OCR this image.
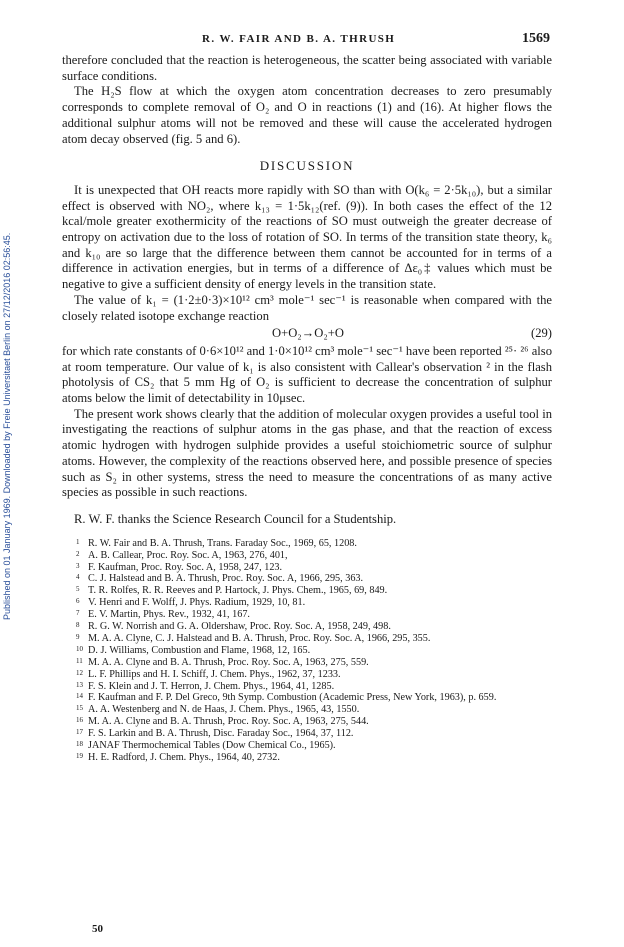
Published on 01 January 1969. Downloaded by Freie Universitaet Berlin on 27/12/2016 02:56:45.
R. W. FAIR AND B. A. THRUSH	1569

therefore concluded that the reaction is heterogeneous, the scatter being associated with variable surface conditions.

The H₂S flow at which the oxygen atom concentration decreases to zero presumably corresponds to complete removal of O₂ and O in reactions (1) and (16). At higher flows the additional sulphur atoms will not be removed and these will cause the accelerated hydrogen atom decay observed (fig. 5 and 6).

DISCUSSION

It is unexpected that OH reacts more rapidly with SO than with O(k₆ = 2·5k₁₀), but a similar effect is observed with NO₂, where k₁₃ = 1·5k₁₂(ref. (9)). In both cases the effect of the 12 kcal/mole greater exothermicity of the reactions of SO must outweigh the greater decrease of entropy on activation due to the loss of rotation of SO. In terms of the transition state theory, k₆ and k₁₀ are so large that the difference between them cannot be accounted for in terms of a difference in activation energies, but in terms of a difference of Δε₀‡ values which must be negative to give a sufficient density of energy levels in the transition state.

The value of k₁ = (1·2±0·3)×10¹² cm³ mole⁻¹ sec⁻¹ is reasonable when compared with the closely related isotope exchange reaction

O+O₂→O₂+O	(29)

for which rate constants of 0·6×10¹² and 1·0×10¹² cm³ mole⁻¹ sec⁻¹ have been reported ²⁵· ²⁶ also at room temperature. Our value of k₁ is also consistent with Callear's observation ² in the flash photolysis of CS₂ that 5 mm Hg of O₂ is sufficient to decrease the concentration of sulphur atoms below the limit of detectability in 10μsec.

The present work shows clearly that the addition of molecular oxygen provides a useful tool in investigating the reactions of sulphur atoms in the gas phase, and that the reaction of excess atomic hydrogen with hydrogen sulphide provides a useful stoichiometric source of sulphur atoms. However, the complexity of the reactions observed here, and possible presence of species such as S₂ in other systems, stress the need to measure the concentrations of as many active species as possible in such reactions.

R. W. F. thanks the Science Research Council for a Studentship.

1 R. W. Fair and B. A. Thrush, Trans. Faraday Soc., 1969, 65, 1208.
2 A. B. Callear, Proc. Roy. Soc. A, 1963, 276, 401,
3 F. Kaufman, Proc. Roy. Soc. A, 1958, 247, 123.
4 C. J. Halstead and B. A. Thrush, Proc. Roy. Soc. A, 1966, 295, 363.
5 T. R. Rolfes, R. R. Reeves and P. Hartock, J. Phys. Chem., 1965, 69, 849.
6 V. Henri and F. Wolff, J. Phys. Radium, 1929, 10, 81.
7 E. V. Martin, Phys. Rev., 1932, 41, 167.
8 R. G. W. Norrish and G. A. Oldershaw, Proc. Roy. Soc. A, 1958, 249, 498.
9 M. A. A. Clyne, C. J. Halstead and B. A. Thrush, Proc. Roy. Soc. A, 1966, 295, 355.
10 D. J. Williams, Combustion and Flame, 1968, 12, 165.
11 M. A. A. Clyne and B. A. Thrush, Proc. Roy. Soc. A, 1963, 275, 559.
12 L. F. Phillips and H. I. Schiff, J. Chem. Phys., 1962, 37, 1233.
13 F. S. Klein and J. T. Herron, J. Chem. Phys., 1964, 41, 1285.
14 F. Kaufman and F. P. Del Greco, 9th Symp. Combustion (Academic Press, New York, 1963), p. 659.
15 A. A. Westenberg and N. de Haas, J. Chem. Phys., 1965, 43, 1550.
16 M. A. A. Clyne and B. A. Thrush, Proc. Roy. Soc. A, 1963, 275, 544.
17 F. S. Larkin and B. A. Thrush, Disc. Faraday Soc., 1964, 37, 112.
18 JANAF Thermochemical Tables (Dow Chemical Co., 1965).
19 H. E. Radford, J. Chem. Phys., 1964, 40, 2732.
50
